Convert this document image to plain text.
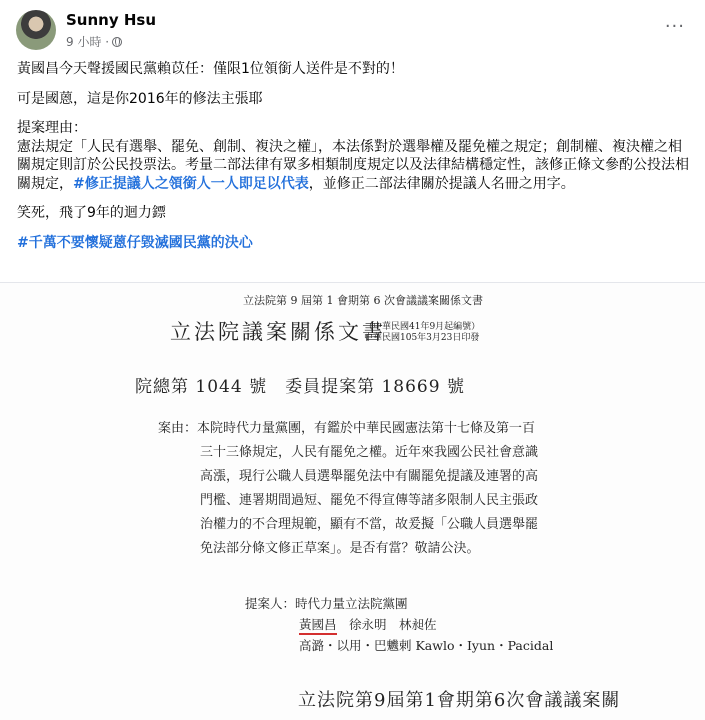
Sunny Hsu
9 小時 ·
···

黃國昌今天聲援國民黨賴苡任：僅限1位領銜人送件是不對的！

可是國蒽，這是你2016年的修法主張耶

提案理由：
憲法規定「人民有選舉、罷免、創制、複決之權」，本法係對於選舉權及罷免權之規定；創制權、複決權之相關規定則訂於公民投票法。考量二部法律有眾多相類制度規定以及法律結構穩定性，該修正條文參酌公投法相關規定，#修正提議人之領銜人一人即足以代表，並修正二部法律關於提議人名冊之用字。

笑死，飛了9年的迴力鏢

#千萬不要懷疑蒽仔毀滅國民黨的決心

立法院第 9 屆第 1 會期第 6 次會議議案關係文書
立法院議案關係文書
（中華民國41年9月起編號）
中華民國105年3月23日印發
院總第 1044 號　委員提案第 18669 號
案由：本院時代力量黨團，有鑑於中華民國憲法第十七條及第一百
三十三條規定，人民有罷免之權。近年來我國公民社會意識
高漲，現行公職人員選舉罷免法中有關罷免提議及連署的高
門檻、連署期間過短、罷免不得宣傳等諸多限制人民主張政
治權力的不合理規範，顯有不當，故爰擬「公職人員選舉罷
免法部分條文修正草案」。是否有當？敬請公決。
提案人：時代力量立法院黨團
黃國昌　徐永明　林昶佐
高潞・以用・巴魕剌 Kawlo・Iyun・Pacidal
立法院第9屆第1會期第6次會議議案關
